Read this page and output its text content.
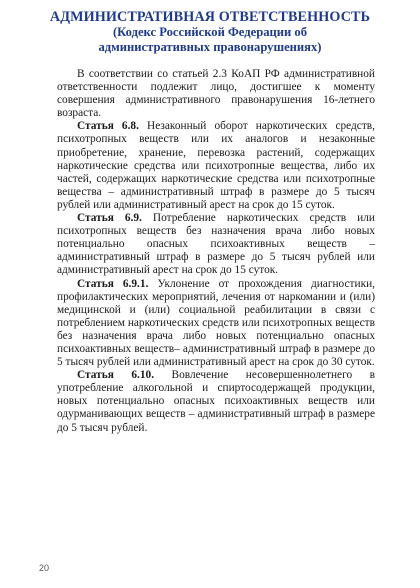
АДМИНИСТРАТИВНАЯ ОТВЕТСТВЕННОСТЬ
(Кодекс Российской Федерации об
административных правонарушениях)

В соответствии со статьей 2.3 КоАП РФ административной ответственности подлежит лицо, достигшее к моменту совершения административного правонарушения 16-летнего возраста.

Статья 6.8. Незаконный оборот наркотических средств, психотропных веществ или их аналогов и незаконные приобретение, хранение, перевозка растений, содержащих наркотические средства или психотропные вещества, либо их частей, содержащих наркотические средства или психотропные вещества – административный штраф в размере до 5 тысяч рублей или административный арест на срок до 15 суток.

Статья 6.9. Потребление наркотических средств или психотропных веществ без назначения врача либо новых потенциально опасных психоактивных веществ – административный штраф в размере до 5 тысяч рублей или административный арест на срок до 15 суток.

Статья 6.9.1. Уклонение от прохождения диагностики, профилактических мероприятий, лечения от наркомании и (или) медицинской и (или) социальной реабилитации в связи с потреблением наркотических средств или психотропных веществ без назначения врача либо новых потенциально опасных психоактивных веществ– административный штраф в размере до 5 тысяч рублей или административный арест на срок до 30 суток.

Статья 6.10. Вовлечение несовершеннолетнего в употребление алкогольной и спиртосодержащей продукции, новых потенциально опасных психоактивных веществ или одурманивающих веществ – административный штраф в размере до 5 тысяч рублей.

20
